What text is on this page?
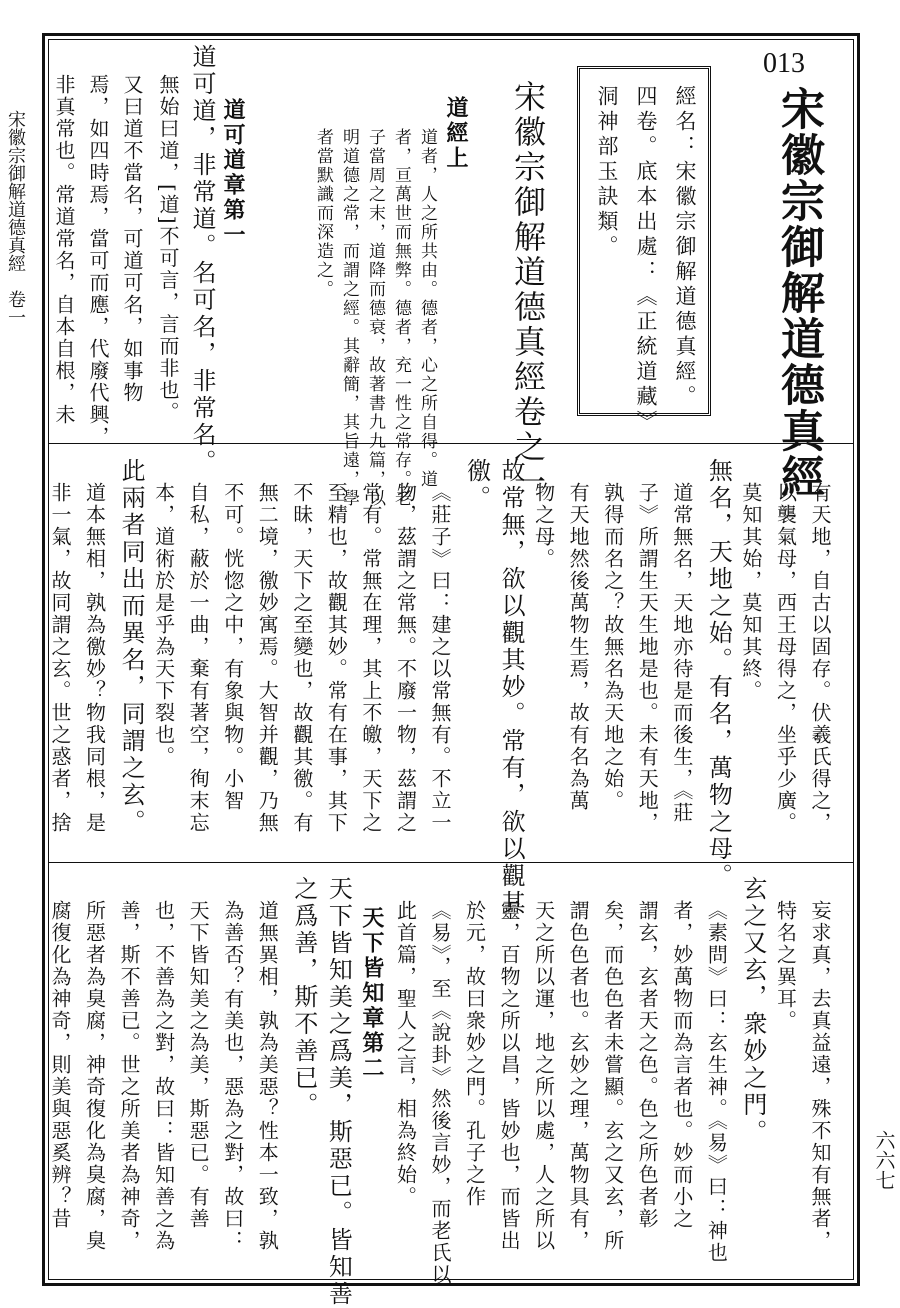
宋徽宗御解道德真經　卷一
六六七
013
宋徽宗御解道德真經
經名：宋徽宗御解道德真經。
四卷。底本出處：《正統道藏》
洞神部玉訣類。
宋徽宗御解道德真經卷之一
道經上
道者，人之所共由。德者，心之所自得。道
者，亘萬世而無弊。德者，充一性之常存。老
子當周之末，道降而德衰，故著書九九篇，以
明道德之常，而謂之經。其辭簡，其旨遠，學
者當默識而深造之。
道可道章第一
道可道，非常道。名可名，非常名。
無始曰道，[道]不可言，言而非也。
又曰道不當名，可道可名，如事物
焉，如四時焉，當可而應，代廢代興，
非真常也。常道常名，自本自根，未
有天地，自古以固存。伏羲氏得之，
以襲氣母，西王母得之，坐乎少廣。
莫知其始，莫知其終。
無名，天地之始。有名，萬物之母。
道常無名，天地亦待是而後生，《莊
子》所謂生天生地是也。未有天地，
孰得而名之？故無名為天地之始。
有天地然後萬物生焉，故有名為萬
物之母。
故常無，欲以觀其妙。常有，欲以觀其
徼。
《莊子》曰：建之以常無有。不立一
物，茲謂之常無。不廢一物，茲謂之
常有。常無在理，其上不皦，天下之
至精也，故觀其妙。常有在事，其下
不昧，天下之至變也，故觀其徼。有
無二境，徼妙寓焉。大智并觀，乃無
不可。恍惚之中，有象與物。小智
自私，蔽於一曲，棄有著空，徇末忘
本，道術於是乎為天下裂也。
此兩者同出而異名，同謂之玄。
道本無相，孰為徼妙？物我同根，是
非一氣，故同謂之玄。世之惑者，捨
妄求真，去真益遠，殊不知有無者，
特名之異耳。
玄之又玄，衆妙之門。
《素問》曰：玄生神。《易》曰：神也
者，妙萬物而為言者也。妙而小之
謂玄，玄者天之色。色之所色者彰
矣，而色色者未嘗顯。玄之又玄，所
謂色色者也。玄妙之理，萬物具有，
天之所以運，地之所以處，人之所以
靈，百物之所以昌，皆妙也，而皆出
於元，故曰衆妙之門。孔子之作
《易》，至《說卦》然後言妙，而老氏以
此首篇，聖人之言，相為終始。
天下皆知章第二
天下皆知美之爲美，斯惡已。皆知善
之爲善，斯不善已。
道無異相，孰為美惡？性本一致，孰
為善否？有美也，惡為之對，故曰：
天下皆知美之為美，斯惡已。有善
也，不善為之對，故曰：皆知善之為
善，斯不善已。世之所美者為神奇，
所惡者為臭腐，神奇復化為臭腐，臭
腐復化為神奇，則美與惡奚辨？昔
